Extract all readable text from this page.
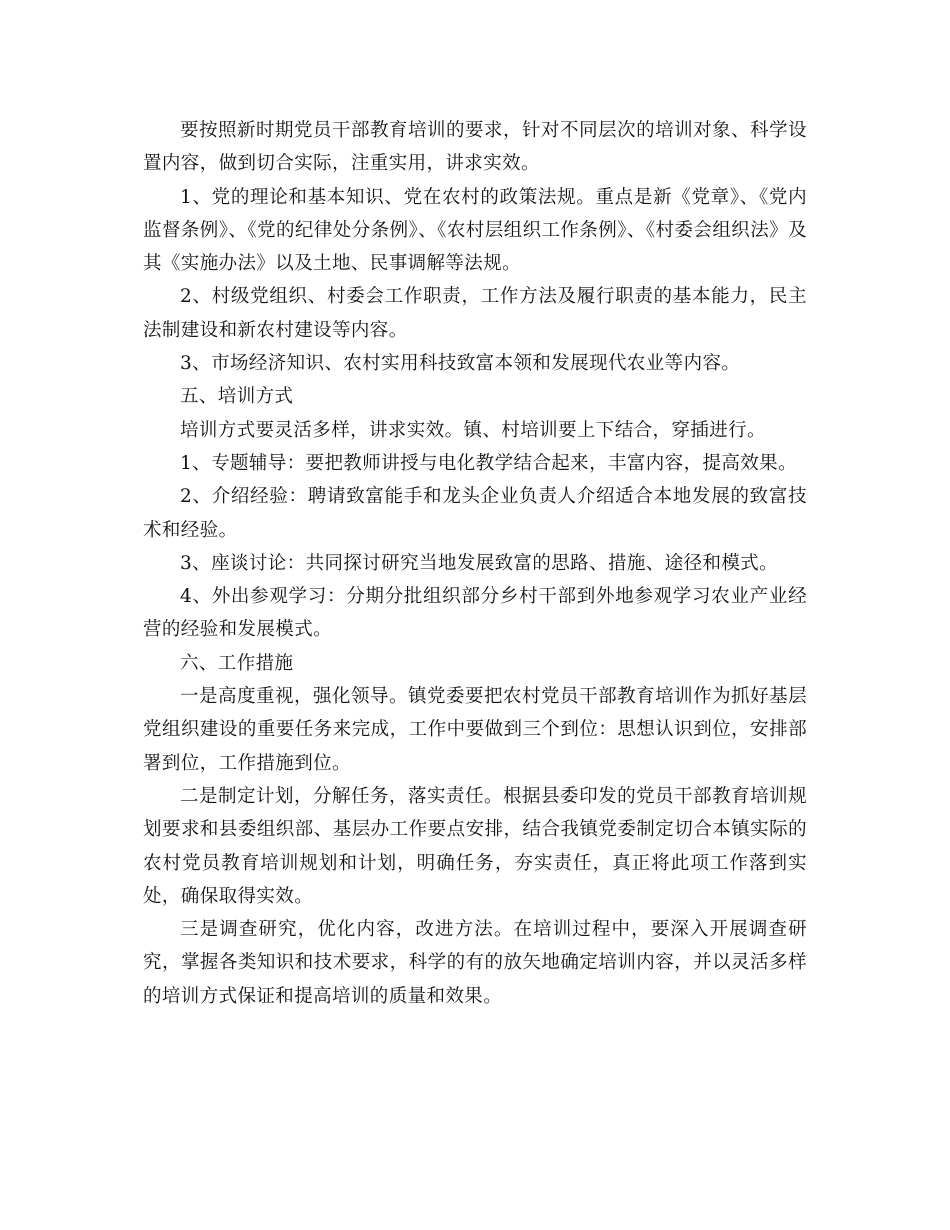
要按照新时期党员干部教育培训的要求，针对不同层次的培训对象、科学设置内容，做到切合实际，注重实用，讲求实效。

1、党的理论和基本知识、党在农村的政策法规。重点是新《党章》、《党内监督条例》、《党的纪律处分条例》、《农村层组织工作条例》、《村委会组织法》及其《实施办法》以及土地、民事调解等法规。

2、村级党组织、村委会工作职责，工作方法及履行职责的基本能力，民主法制建设和新农村建设等内容。

3、市场经济知识、农村实用科技致富本领和发展现代农业等内容。

五、培训方式

培训方式要灵活多样，讲求实效。镇、村培训要上下结合，穿插进行。

1、专题辅导：要把教师讲授与电化教学结合起来，丰富内容，提高效果。

2、介绍经验：聘请致富能手和龙头企业负责人介绍适合本地发展的致富技术和经验。

3、座谈讨论：共同探讨研究当地发展致富的思路、措施、途径和模式。

4、外出参观学习：分期分批组织部分乡村干部到外地参观学习农业产业经营的经验和发展模式。

六、工作措施

一是高度重视，强化领导。镇党委要把农村党员干部教育培训作为抓好基层党组织建设的重要任务来完成，工作中要做到三个到位：思想认识到位，安排部署到位，工作措施到位。

二是制定计划，分解任务，落实责任。根据县委印发的党员干部教育培训规划要求和县委组织部、基层办工作要点安排，结合我镇党委制定切合本镇实际的农村党员教育培训规划和计划，明确任务，夯实责任，真正将此项工作落到实处，确保取得实效。

三是调查研究，优化内容，改进方法。在培训过程中，要深入开展调查研究，掌握各类知识和技术要求，科学的有的放矢地确定培训内容，并以灵活多样的培训方式保证和提高培训的质量和效果。
